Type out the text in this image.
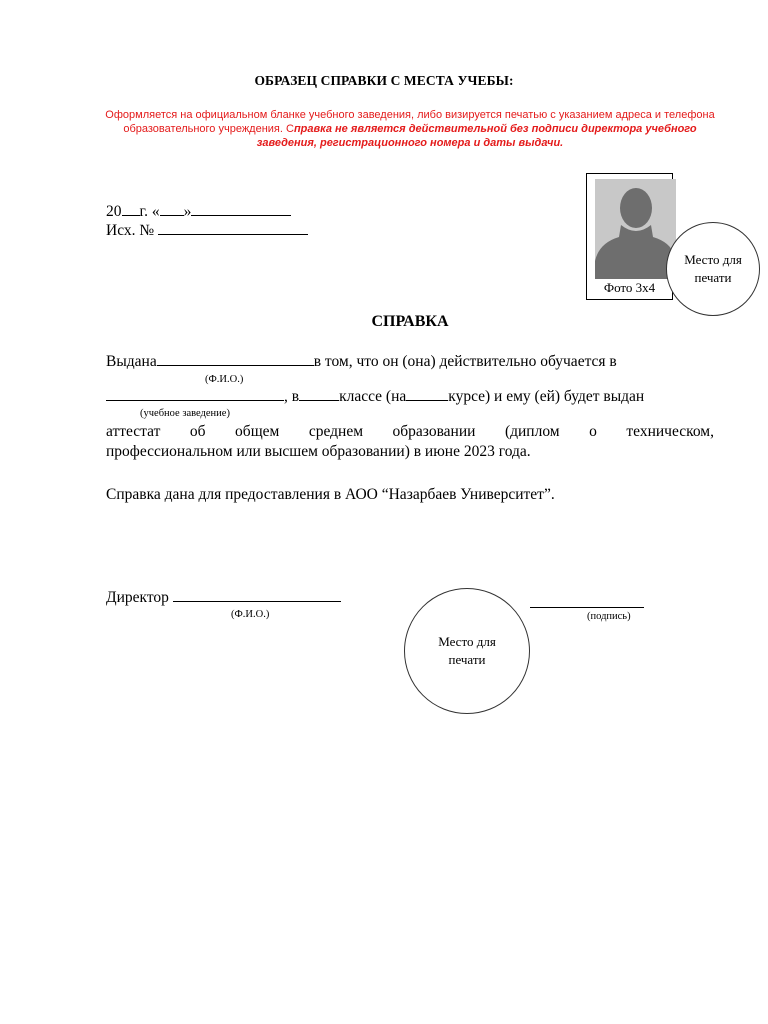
ОБРАЗЕЦ СПРАВКИ С МЕСТА УЧЕБЫ:
Оформляется на официальном бланке учебного заведения, либо визируется печатью с указанием адреса и телефона образовательного учреждения. Справка не является действительной без подписи директора учебного заведения, регистрационного номера и даты выдачи.
20 г. « »
Исх. №
Фото 3х4
Место для печати
СПРАВКА
Выдана	в том, что он (она) действительно обучается в
(Ф.И.О.)
, в	классе (на	курсе) и ему (ей) будет выдан
(учебное заведение)
аттестат об общем среднем образовании (диплом о техническом,
профессиональном или высшем образовании) в июне 2023 года.
Справка дана для предоставления в АОО “Назарбаев Университет”.
Директор
(Ф.И.О.)	(подпись)
Место для печати
